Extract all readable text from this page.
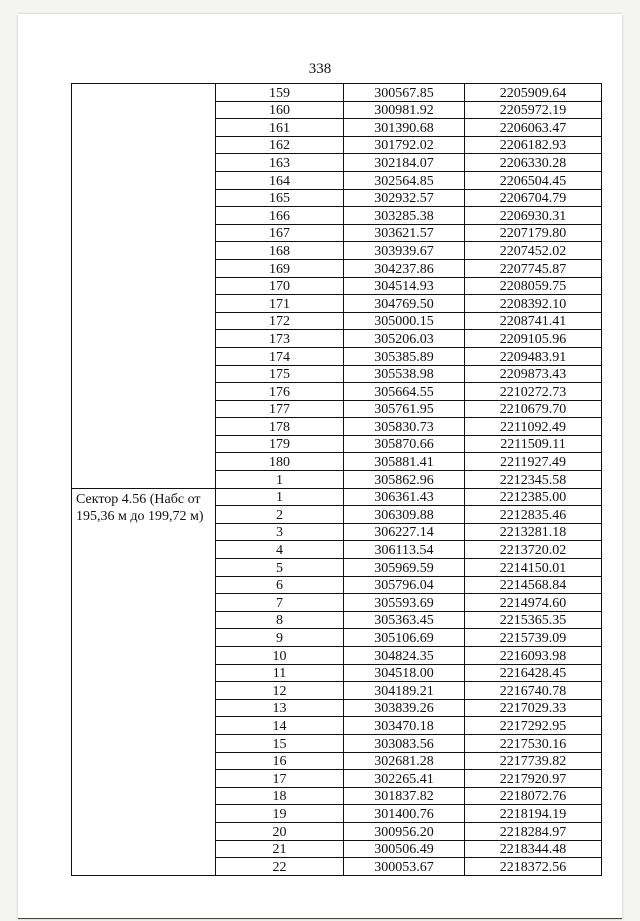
338
	159	300567.85	2205909.64
	160	300981.92	2205972.19
	161	301390.68	2206063.47
	162	301792.02	2206182.93
	163	302184.07	2206330.28
	164	302564.85	2206504.45
	165	302932.57	2206704.79
	166	303285.38	2206930.31
	167	303621.57	2207179.80
	168	303939.67	2207452.02
	169	304237.86	2207745.87
	170	304514.93	2208059.75
	171	304769.50	2208392.10
	172	305000.15	2208741.41
	173	305206.03	2209105.96
	174	305385.89	2209483.91
	175	305538.98	2209873.43
	176	305664.55	2210272.73
	177	305761.95	2210679.70
	178	305830.73	2211092.49
	179	305870.66	2211509.11
	180	305881.41	2211927.49
	1	305862.96	2212345.58
Сектор 4.56 (Набс от 195,36 м до 199,72 м)	1	306361.43	2212385.00
	2	306309.88	2212835.46
	3	306227.14	2213281.18
	4	306113.54	2213720.02
	5	305969.59	2214150.01
	6	305796.04	2214568.84
	7	305593.69	2214974.60
	8	305363.45	2215365.35
	9	305106.69	2215739.09
	10	304824.35	2216093.98
	11	304518.00	2216428.45
	12	304189.21	2216740.78
	13	303839.26	2217029.33
	14	303470.18	2217292.95
	15	303083.56	2217530.16
	16	302681.28	2217739.82
	17	302265.41	2217920.97
	18	301837.82	2218072.76
	19	301400.76	2218194.19
	20	300956.20	2218284.97
	21	300506.49	2218344.48
	22	300053.67	2218372.56
